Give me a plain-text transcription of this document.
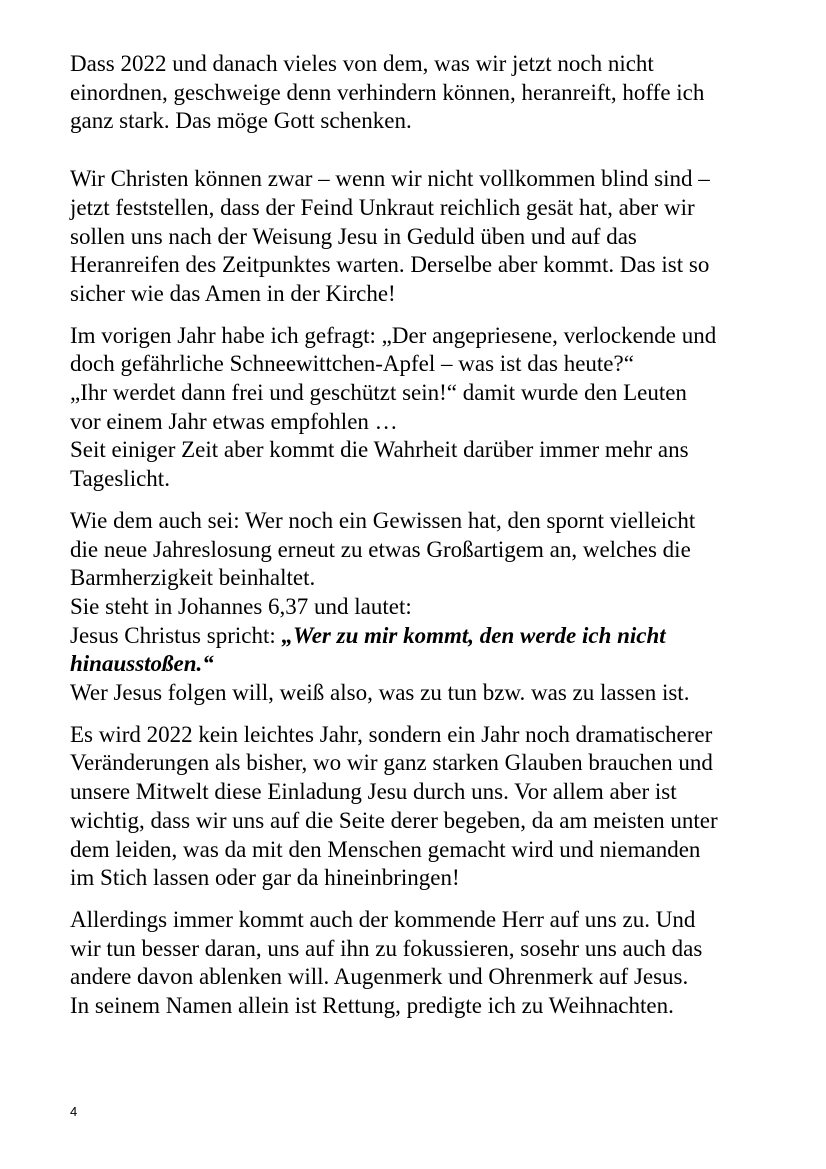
Dass 2022 und danach vieles von dem, was wir jetzt noch nicht
einordnen, geschweige denn verhindern können, heranreift, hoffe ich
ganz stark. Das möge Gott schenken.

Wir Christen können zwar – wenn wir nicht vollkommen blind sind –
jetzt feststellen, dass der Feind Unkraut reichlich gesät hat, aber wir
sollen uns nach der Weisung Jesu in Geduld üben und auf das
Heranreifen des Zeitpunktes warten. Derselbe aber kommt. Das ist so
sicher wie das Amen in der Kirche!

Im vorigen Jahr habe ich gefragt: „Der angepriesene, verlockende und
doch gefährliche Schneewittchen-Apfel – was ist das heute?“
„Ihr werdet dann frei und geschützt sein!“ damit wurde den Leuten
vor einem Jahr etwas empfohlen …
Seit einiger Zeit aber kommt die Wahrheit darüber immer mehr ans
Tageslicht.

Wie dem auch sei: Wer noch ein Gewissen hat, den spornt vielleicht
die neue Jahreslosung erneut zu etwas Großartigem an, welches die
Barmherzigkeit beinhaltet.
Sie steht in Johannes 6,37 und lautet:
Jesus Christus spricht: „Wer zu mir kommt, den werde ich nicht
hinausstoßen.“
Wer Jesus folgen will, weiß also, was zu tun bzw. was zu lassen ist.

Es wird 2022 kein leichtes Jahr, sondern ein Jahr noch dramatischerer
Veränderungen als bisher, wo wir ganz starken Glauben brauchen und
unsere Mitwelt diese Einladung Jesu durch uns. Vor allem aber ist
wichtig, dass wir uns auf die Seite derer begeben, da am meisten unter
dem leiden, was da mit den Menschen gemacht wird und niemanden
im Stich lassen oder gar da hineinbringen!

Allerdings immer kommt auch der kommende Herr auf uns zu. Und
wir tun besser daran, uns auf ihn zu fokussieren, sosehr uns auch das
andere davon ablenken will. Augenmerk und Ohrenmerk auf Jesus.
In seinem Namen allein ist Rettung, predigte ich zu Weihnachten.

4
